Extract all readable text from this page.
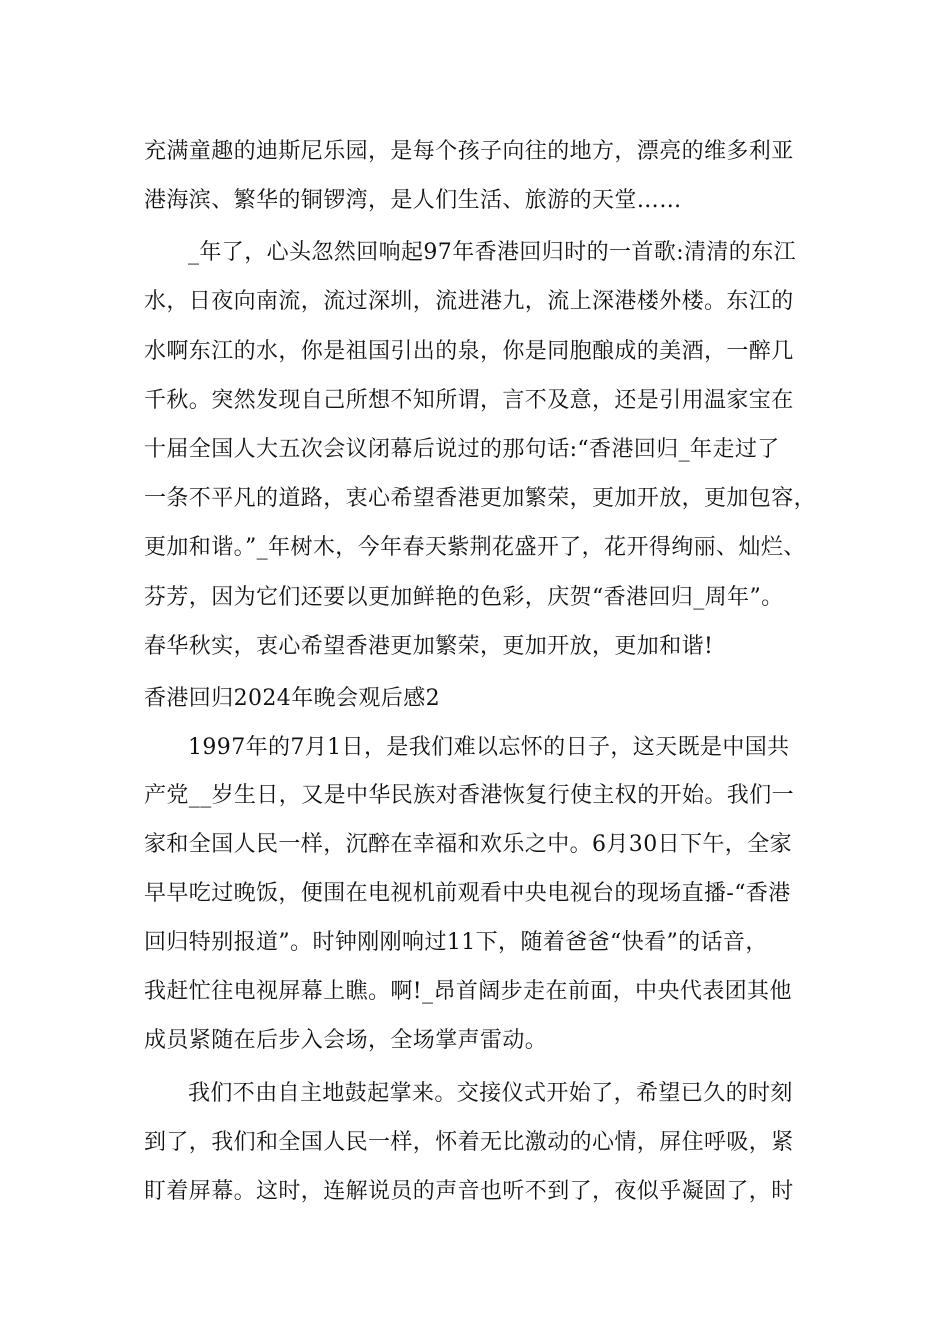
充满童趣的迪斯尼乐园，是每个孩子向往的地方，漂亮的维多利亚
港海滨、繁华的铜锣湾，是人们生活、旅游的天堂……
_年了，心头忽然回响起97年香港回归时的一首歌:清清的东江
水，日夜向南流，流过深圳，流进港九，流上深港楼外楼。东江的
水啊东江的水，你是祖国引出的泉，你是同胞酿成的美酒，一醉几
千秋。突然发现自己所想不知所谓，言不及意，还是引用温家宝在
十届全国人大五次会议闭幕后说过的那句话:“香港回归_年走过了
一条不平凡的道路，衷心希望香港更加繁荣，更加开放，更加包容，
更加和谐。”_年树木，今年春天紫荆花盛开了，花开得绚丽、灿烂、
芬芳，因为它们还要以更加鲜艳的色彩，庆贺“香港回归_周年”。
春华秋实，衷心希望香港更加繁荣，更加开放，更加和谐!
香港回归2024年晚会观后感2
1997年的7月1日，是我们难以忘怀的日子，这天既是中国共
产党__岁生日，又是中华民族对香港恢复行使主权的开始。我们一
家和全国人民一样，沉醉在幸福和欢乐之中。6月30日下午，全家
早早吃过晚饭，便围在电视机前观看中央电视台的现场直播-“香港
回归特别报道”。时钟刚刚响过11下，随着爸爸“快看”的话音，
我赶忙往电视屏幕上瞧。啊!_昂首阔步走在前面，中央代表团其他
成员紧随在后步入会场，全场掌声雷动。
我们不由自主地鼓起掌来。交接仪式开始了，希望已久的时刻
到了，我们和全国人民一样，怀着无比激动的心情，屏住呼吸，紧
盯着屏幕。这时，连解说员的声音也听不到了，夜似乎凝固了，时
